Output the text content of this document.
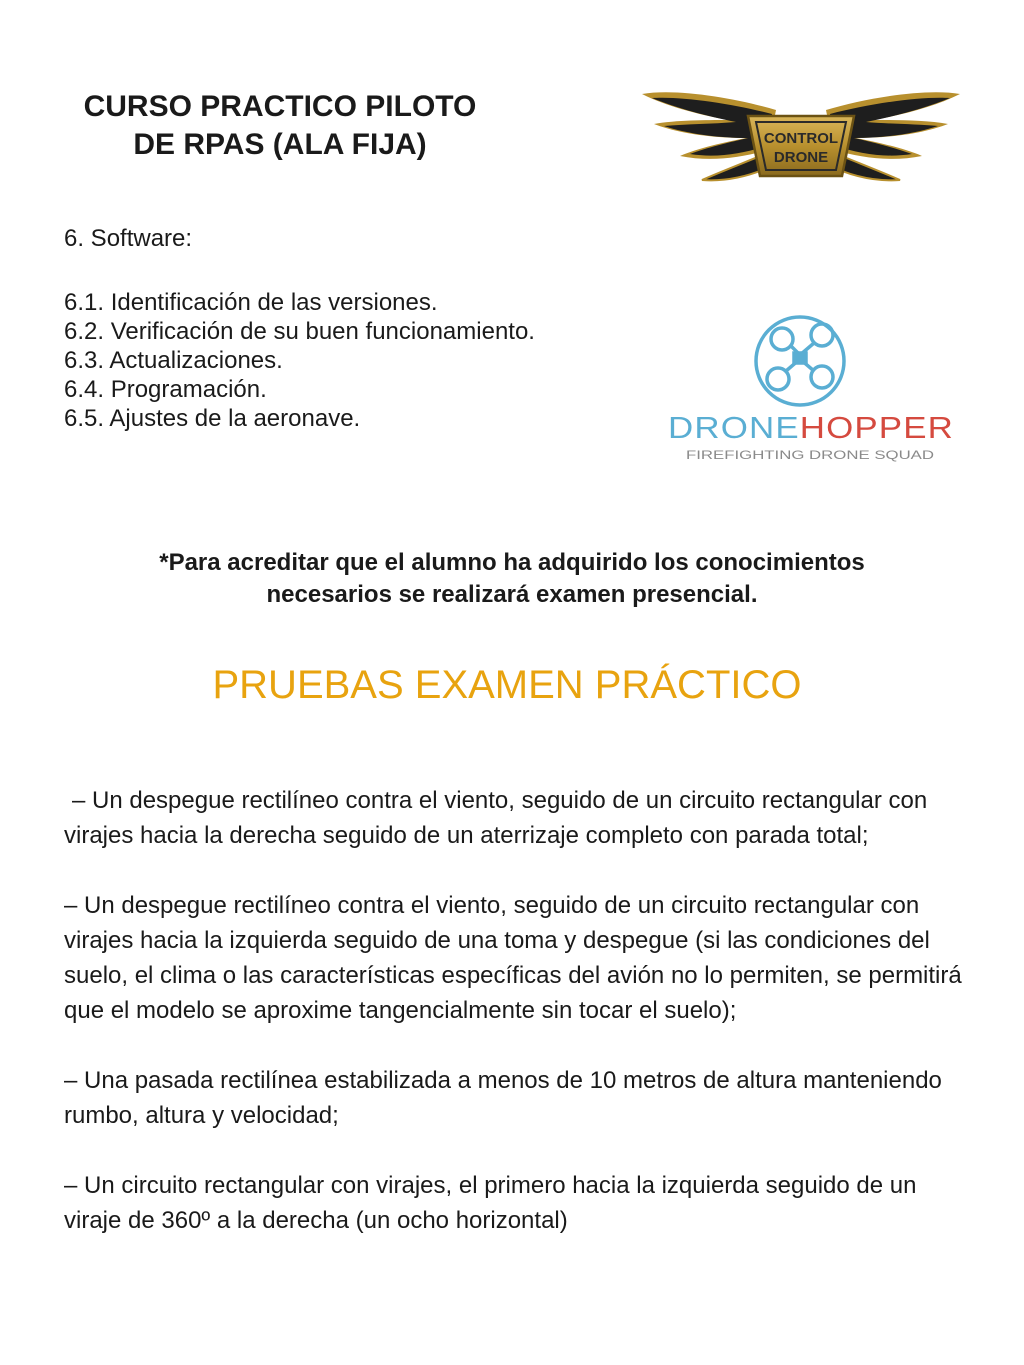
CURSO PRACTICO PILOTO
DE RPAS (ALA FIJA)	CONTROL
DRONE
6. Software:
6.1. Identificación de las versiones.
6.2. Verificación de su buen funcionamiento.
6.3. Actualizaciones.
6.4. Programación.
6.5. Ajustes de la aeronave.	DRONE HOPPER
FIREFIGHTING DRONE SQUAD
*Para acreditar que el alumno ha adquirido los conocimientos
necesarios se realizará examen presencial.
PRUEBAS EXAMEN PRÁCTICO

– Un despegue rectilíneo contra el viento, seguido de un circuito rectangular con virajes hacia la derecha seguido de un aterrizaje completo con parada total;

– Un despegue rectilíneo contra el viento, seguido de un circuito rectangular con virajes hacia la izquierda seguido de una toma y despegue (si las condiciones del suelo, el clima o las características específicas del avión no lo permiten, se permitirá que el modelo se aproxime tangencialmente sin tocar el suelo);

– Una pasada rectilínea estabilizada a menos de 10 metros de altura manteniendo rumbo, altura y velocidad;

– Un circuito rectangular con virajes, el primero hacia la izquierda seguido de un viraje de 360º a la derecha (un ocho horizontal)
